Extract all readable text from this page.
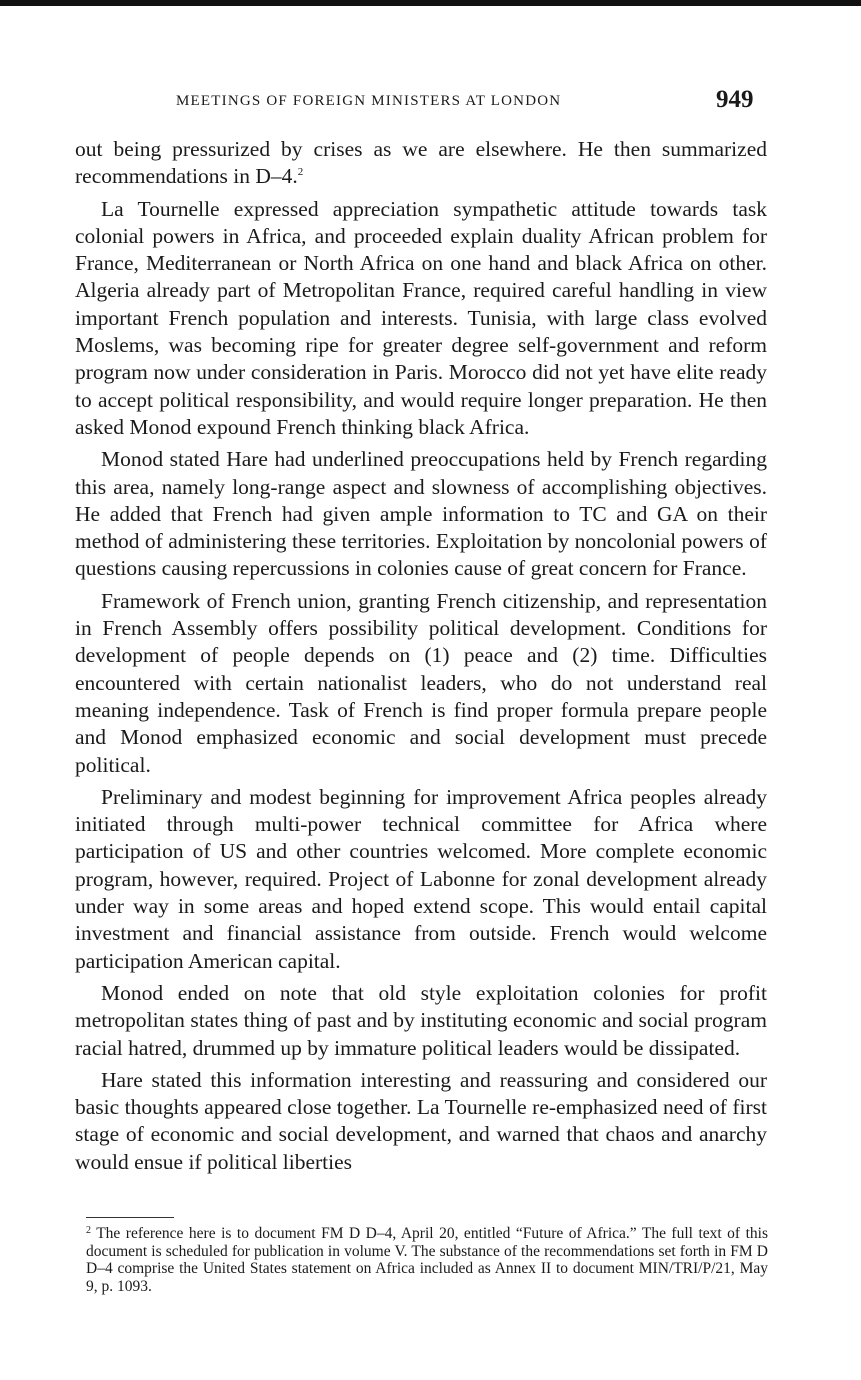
MEETINGS OF FOREIGN MINISTERS AT LONDON	949

out being pressurized by crises as we are elsewhere. He then summarized recommendations in D–4.$^2$

La Tournelle expressed appreciation sympathetic attitude towards task colonial powers in Africa, and proceeded explain duality African problem for France, Mediterranean or North Africa on one hand and black Africa on other. Algeria already part of Metropolitan France, required careful handling in view important French population and interests. Tunisia, with large class evolved Moslems, was becoming ripe for greater degree self-government and reform program now under consideration in Paris. Morocco did not yet have elite ready to accept political responsibility, and would require longer preparation. He then asked Monod expound French thinking black Africa.

Monod stated Hare had underlined preoccupations held by French regarding this area, namely long-range aspect and slowness of accomplishing objectives. He added that French had given ample information to TC and GA on their method of administering these territories. Exploitation by noncolonial powers of questions causing repercussions in colonies cause of great concern for France.

Framework of French union, granting French citizenship, and representation in French Assembly offers possibility political development. Conditions for development of people depends on (1) peace and (2) time. Difficulties encountered with certain nationalist leaders, who do not understand real meaning independence. Task of French is find proper formula prepare people and Monod emphasized economic and social development must precede political.

Preliminary and modest beginning for improvement Africa peoples already initiated through multi-power technical committee for Africa where participation of US and other countries welcomed. More complete economic program, however, required. Project of Labonne for zonal development already under way in some areas and hoped extend scope. This would entail capital investment and financial assistance from outside. French would welcome participation American capital.

Monod ended on note that old style exploitation colonies for profit metropolitan states thing of past and by instituting economic and social program racial hatred, drummed up by immature political leaders would be dissipated.

Hare stated this information interesting and reassuring and considered our basic thoughts appeared close together. La Tournelle re-emphasized need of first stage of economic and social development, and warned that chaos and anarchy would ensue if political liberties

$^2$ The reference here is to document FM D D–4, April 20, entitled “Future of Africa.” The full text of this document is scheduled for publication in volume V. The substance of the recommendations set forth in FM D D–4 comprise the United States statement on Africa included as Annex II to document MIN/TRI/P/21, May 9, p. 1093.
